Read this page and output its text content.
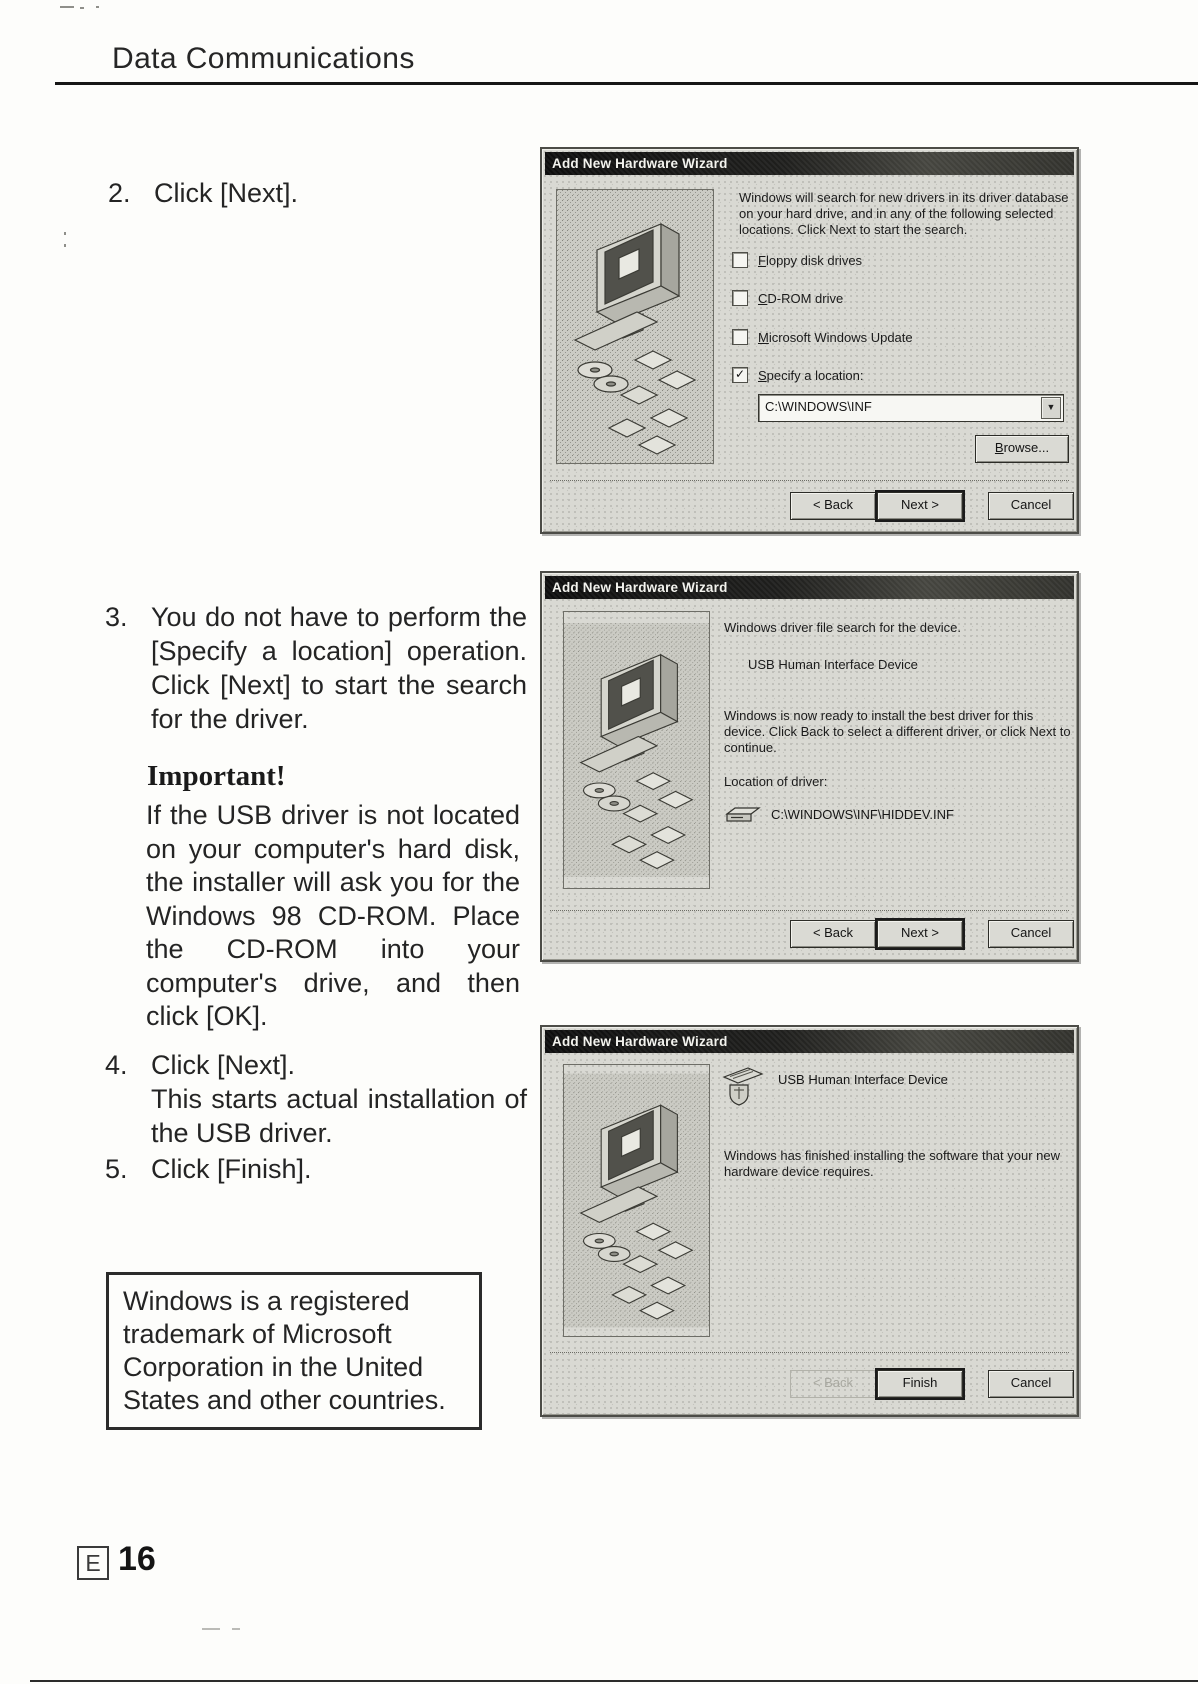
Data Communications
2. Click [Next].
3. You do not have to perform the [Specify a location] operation. Click [Next] to start the search for the driver.
Important!
If the USB driver is not located on your computer's hard disk, the installer will ask you for the Windows 98 CD-ROM. Place the CD-ROM into your computer's drive, and then click [OK].
4. Click [Next].
This starts actual installation of the USB driver.
5. Click [Finish].
Windows is a registered trademark of Microsoft Corporation in the United States and other countries.
E 16
Add New Hardware Wizard
Windows will search for new drivers in its driver database on your hard drive, and in any of the following selected locations. Click Next to start the search.
Floppy disk drives
CD-ROM drive
Microsoft Windows Update
✓ Specify a location:
C:\WINDOWS\INF	▼
Browse...
< Back	Next >	Cancel
Add New Hardware Wizard
Windows driver file search for the device.
USB Human Interface Device
Windows is now ready to install the best driver for this device. Click Back to select a different driver, or click Next to continue.
Location of driver:
C:\WINDOWS\INF\HIDDEV.INF
< Back	Next >	Cancel
Add New Hardware Wizard
USB Human Interface Device
Windows has finished installing the software that your new hardware device requires.
< Back	Finish	Cancel
